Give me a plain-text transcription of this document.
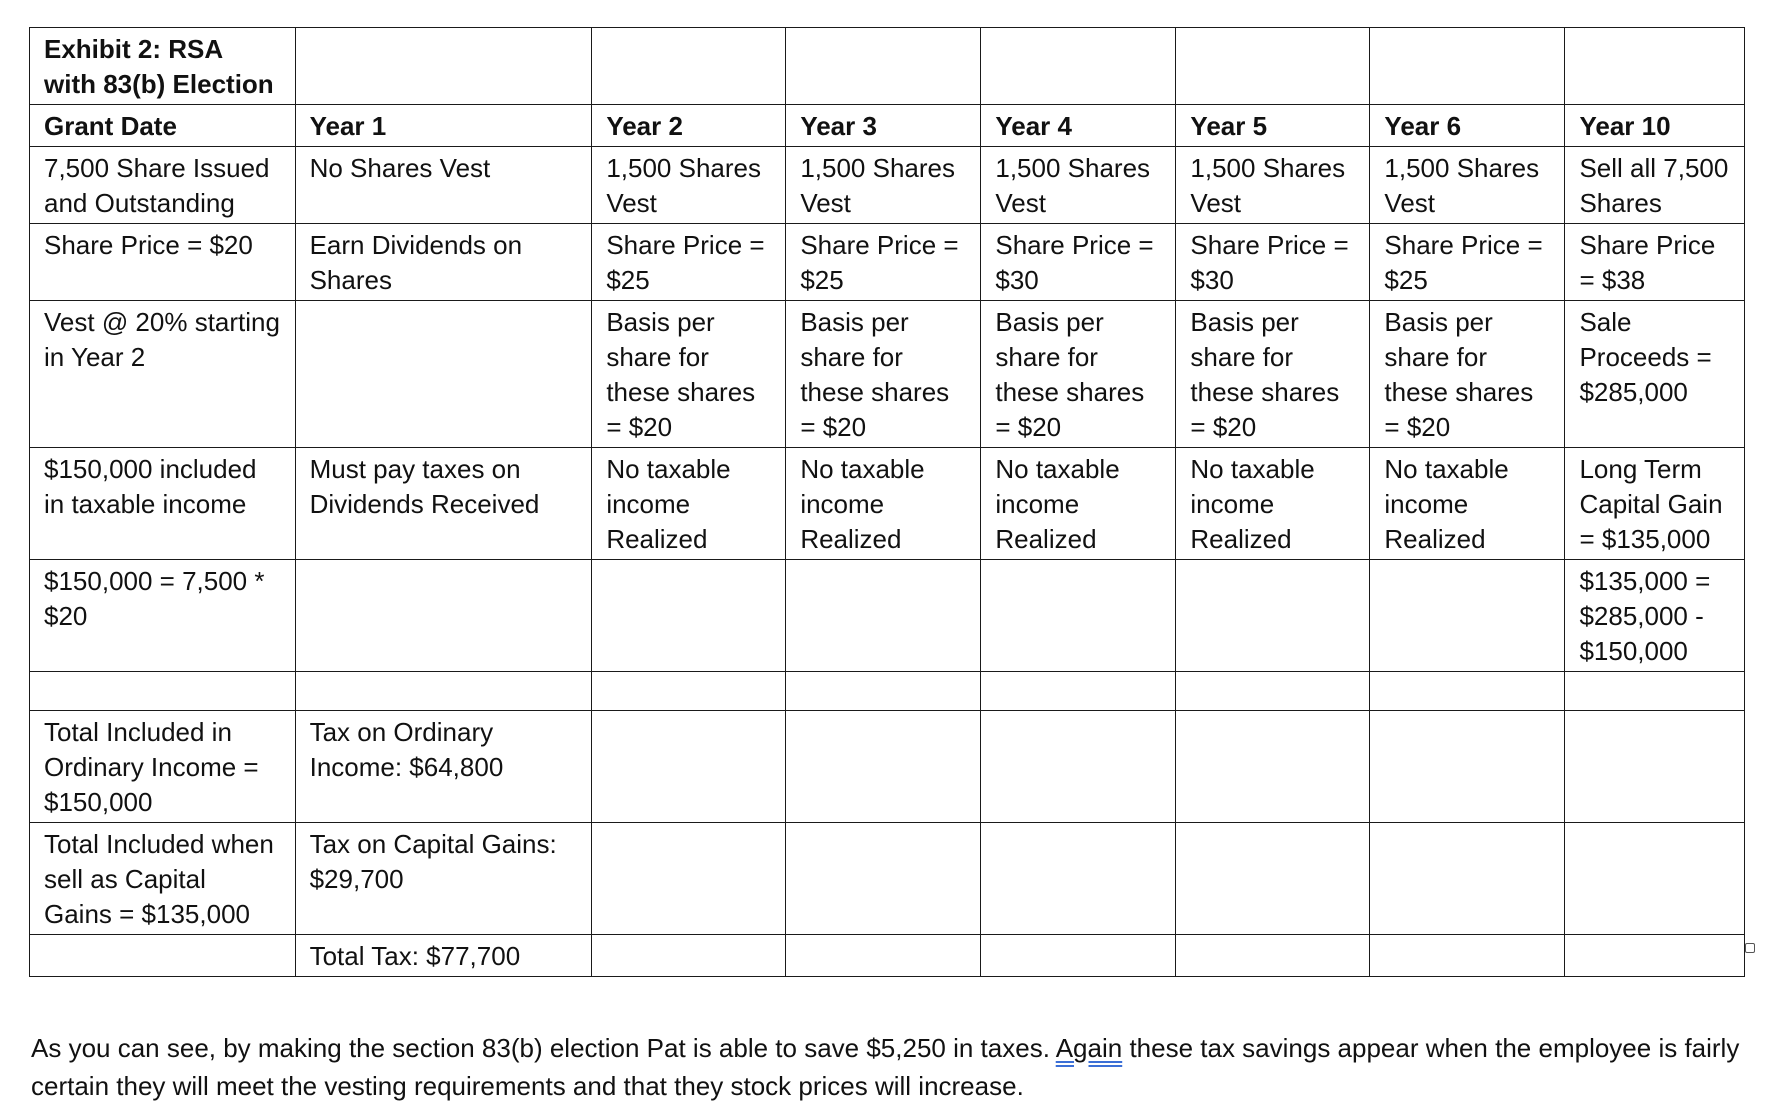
Exhibit 2: RSA with 83(b) Election							
Grant Date	Year 1	Year 2	Year 3	Year 4	Year 5	Year 6	Year 10
7,500 Share Issued and Outstanding	No Shares Vest	1,500 Shares Vest	1,500 Shares Vest	1,500 Shares Vest	1,500 Shares Vest	1,500 Shares Vest	Sell all 7,500 Shares
Share Price = $20	Earn Dividends on Shares	Share Price = $25	Share Price = $25	Share Price = $30	Share Price = $30	Share Price = $25	Share Price = $38
Vest @ 20% starting in Year 2		Basis per share for these shares = $20	Basis per share for these shares = $20	Basis per share for these shares = $20	Basis per share for these shares = $20	Basis per share for these shares = $20	Sale Proceeds = $285,000
$150,000 included in taxable income	Must pay taxes on Dividends Received	No taxable income Realized	No taxable income Realized	No taxable income Realized	No taxable income Realized	No taxable income Realized	Long Term Capital Gain = $135,000
$150,000 = 7,500 * $20							$135,000 = $285,000 - $150,000

Total Included in Ordinary Income = $150,000	Tax on Ordinary Income: $64,800						
Total Included when sell as Capital Gains = $135,000	Tax on Capital Gains: $29,700						
	Total Tax: $77,700						

As you can see, by making the section 83(b) election Pat is able to save $5,250 in taxes. Again these tax savings appear when the employee is fairly certain they will meet the vesting requirements and that they stock prices will increase.
